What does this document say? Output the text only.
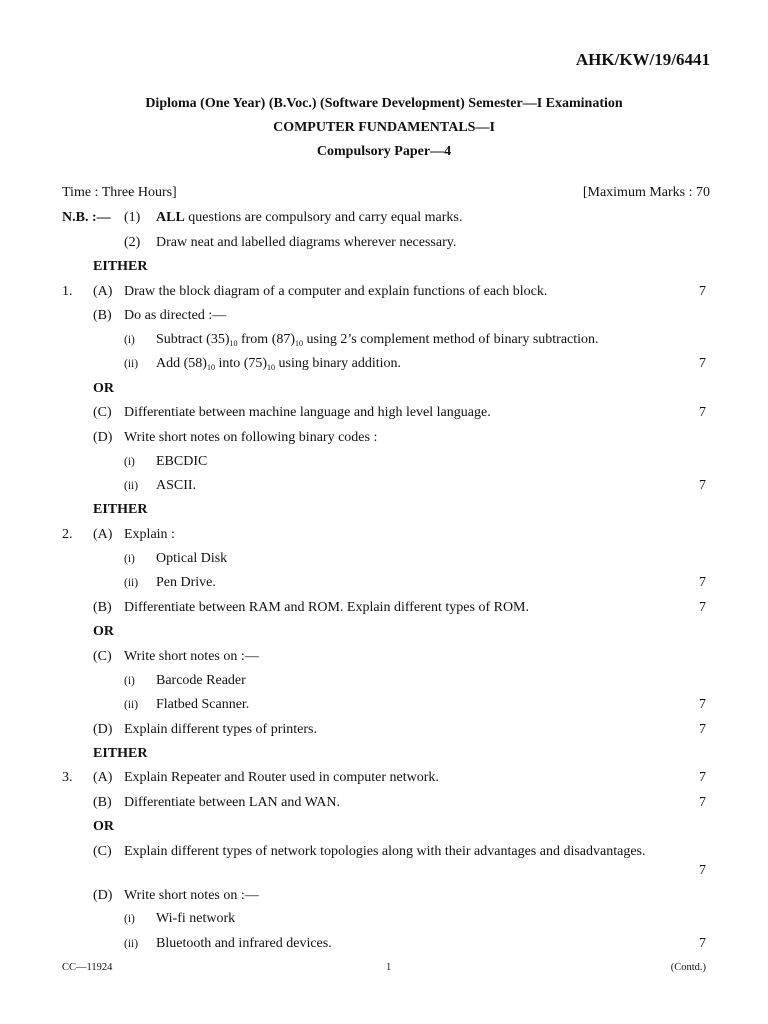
AHK/KW/19/6441
Diploma (One Year) (B.Voc.) (Software Development) Semester—I Examination
COMPUTER FUNDAMENTALS—I
Compulsory Paper—4
Time : Three Hours]	[Maximum Marks : 70
N.B. :— (1) ALL questions are compulsory and carry equal marks.
(2) Draw neat and labelled diagrams wherever necessary.
EITHER
1. (A) Draw the block diagram of a computer and explain functions of each block.	7
(B) Do as directed :—
(i) Subtract $(35)_{10}$ from $(87)_{10}$ using 2’s complement method of binary subtraction.
(ii) Add $(58)_{10}$ into $(75)_{10}$ using binary addition.	7
OR
(C) Differentiate between machine language and high level language.	7
(D) Write short notes on following binary codes :
(i) EBCDIC
(ii) ASCII.	7
EITHER
2. (A) Explain :
(i) Optical Disk
(ii) Pen Drive.	7
(B) Differentiate between RAM and ROM. Explain different types of ROM.	7
OR
(C) Write short notes on :—
(i) Barcode Reader
(ii) Flatbed Scanner.	7
(D) Explain different types of printers.	7
EITHER
3. (A) Explain Repeater and Router used in computer network.	7
(B) Differentiate between LAN and WAN.	7
OR
(C) Explain different types of network topologies along with their advantages and disadvantages.
7
(D) Write short notes on :—
(i) Wi-fi network
(ii) Bluetooth and infrared devices.	7
CC—11924	1	(Contd.)
